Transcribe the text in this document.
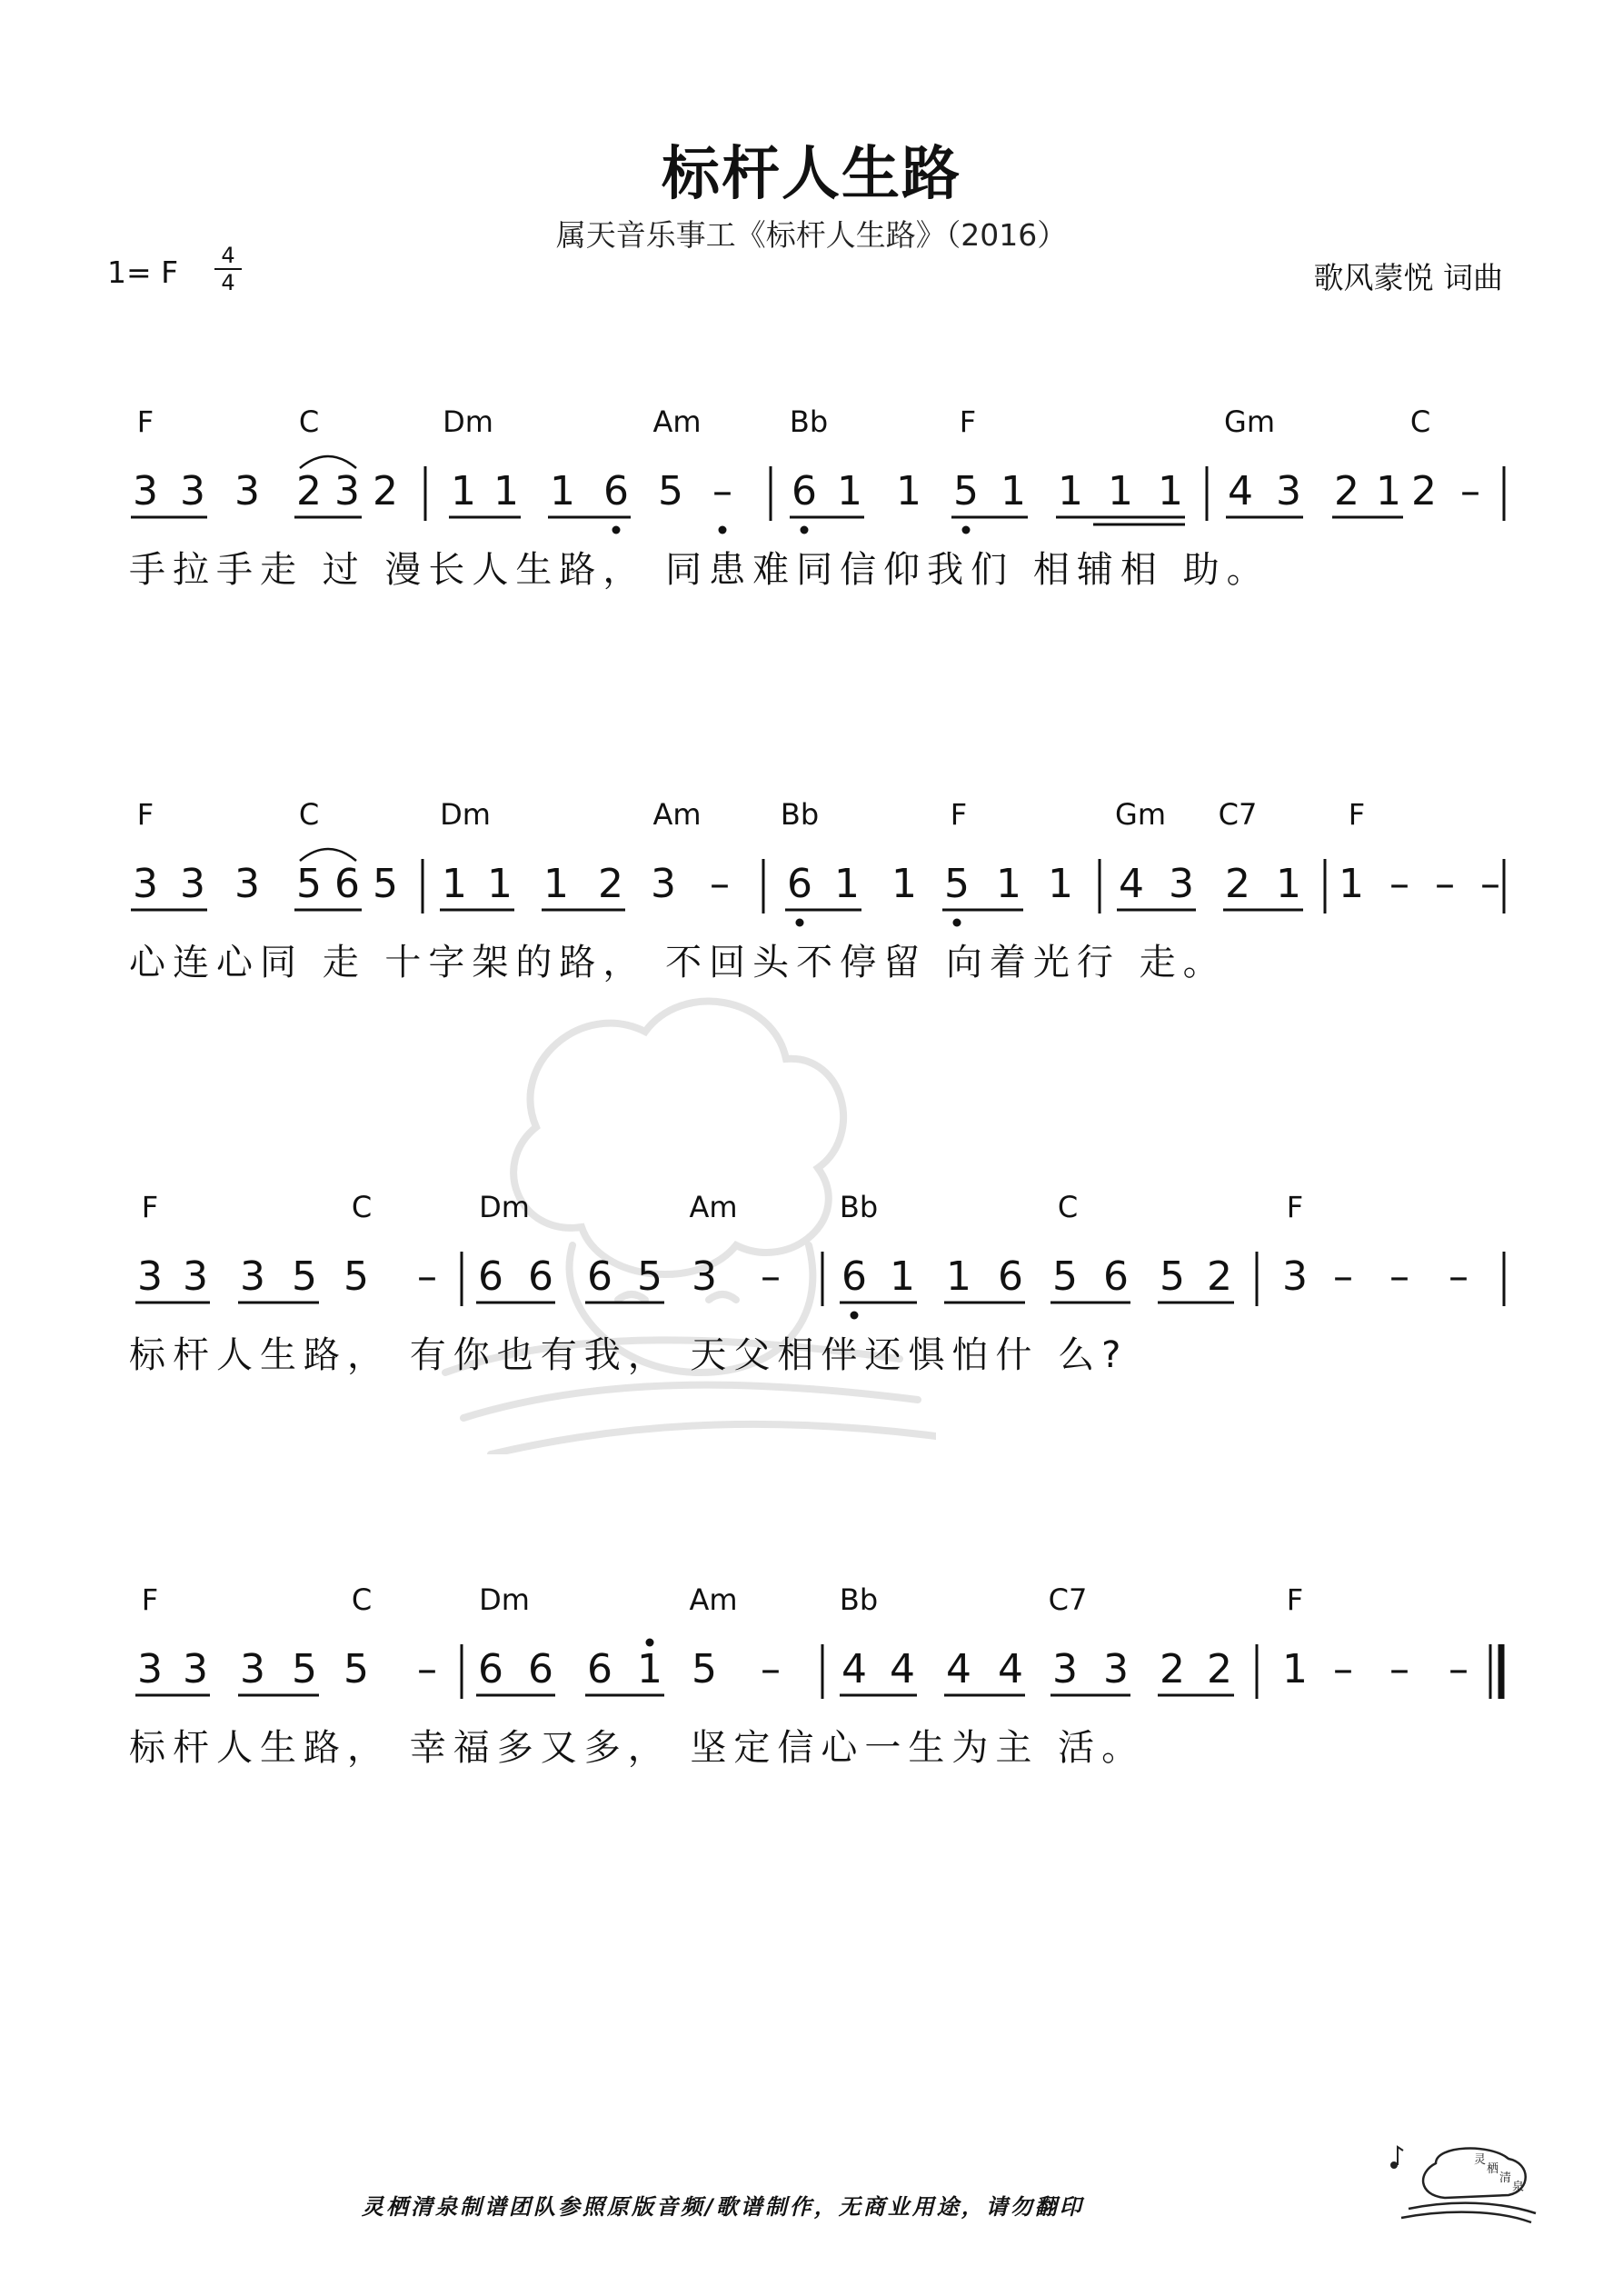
标杆人生路
属天音乐事工《标杆人生路》（2016）
1= F	4
4	歌风蒙悦 词曲
F	C	Dm	Am	Bb	F	Gm	C
3 3 3 2 3 2 1 1 1 6 5 – 6 1 1 5 1 1 1 1 4 3 2 1 2 –
手拉手走 过 漫长人生路， 同患难同信仰我们 相辅相 助。
F	C	Dm	Am	Bb	F	Gm C7	F
3 3 3 5 6 5 1 1 1 2 3 – 6 1 1 5 1 1 4 3 2 1 1 – – –
心连心同 走 十字架的路， 不回头不停留 向着光行 走。
F	C	Dm	Am	Bb	C	F
3 3 3 5 5 – 6 6 6 5 3 – 6 1 1 6 5 6 5 2 3 – – –
标杆人生路， 有你也有我， 天父相伴还惧怕什 么?
F	C	Dm	Am	Bb	C7	F
3 3 3 5 5 – 6 6 6 1 5 – 4 4 4 4 3 3 2 2 1 – – –
标杆人生路， 幸福多又多， 坚定信心一生为主 活。
灵栖清泉制谱团队参照原版音频/歌谱制作，无商业用途，请勿翻印
灵
栖
清
泉
